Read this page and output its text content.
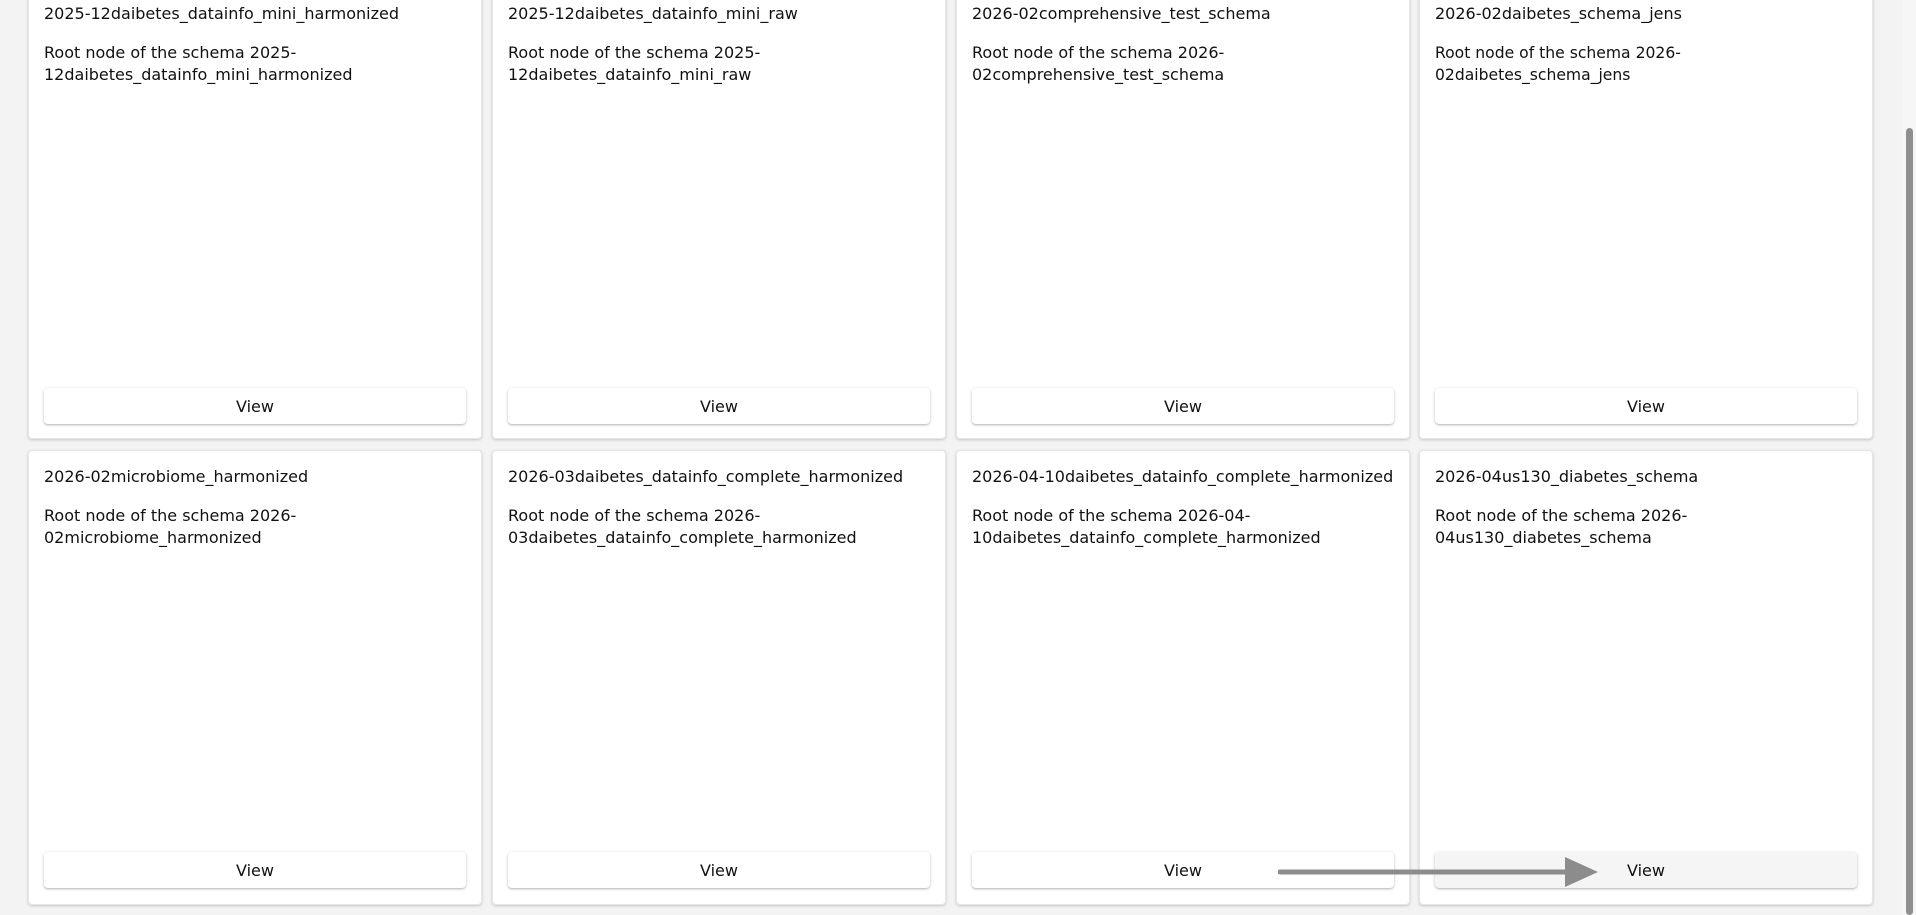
2025-12daibetes_datainfo_mini_harmonized
Root node of the schema 2025-12daibetes_datainfo_mini_harmonized
View
2025-12daibetes_datainfo_mini_raw
Root node of the schema 2025-12daibetes_datainfo_mini_raw
View
2026-02comprehensive_test_schema
Root node of the schema 2026-02comprehensive_test_schema
View
2026-02daibetes_schema_jens
Root node of the schema 2026-02daibetes_schema_jens
View
2026-02microbiome_harmonized
Root node of the schema 2026-02microbiome_harmonized
View
2026-03daibetes_datainfo_complete_harmonized
Root node of the schema 2026-03daibetes_datainfo_complete_harmonized
View
2026-04-10daibetes_datainfo_complete_harmonized
Root node of the schema 2026-04-10daibetes_datainfo_complete_harmonized
View
2026-04us130_diabetes_schema
Root node of the schema 2026-04us130_diabetes_schema
View
